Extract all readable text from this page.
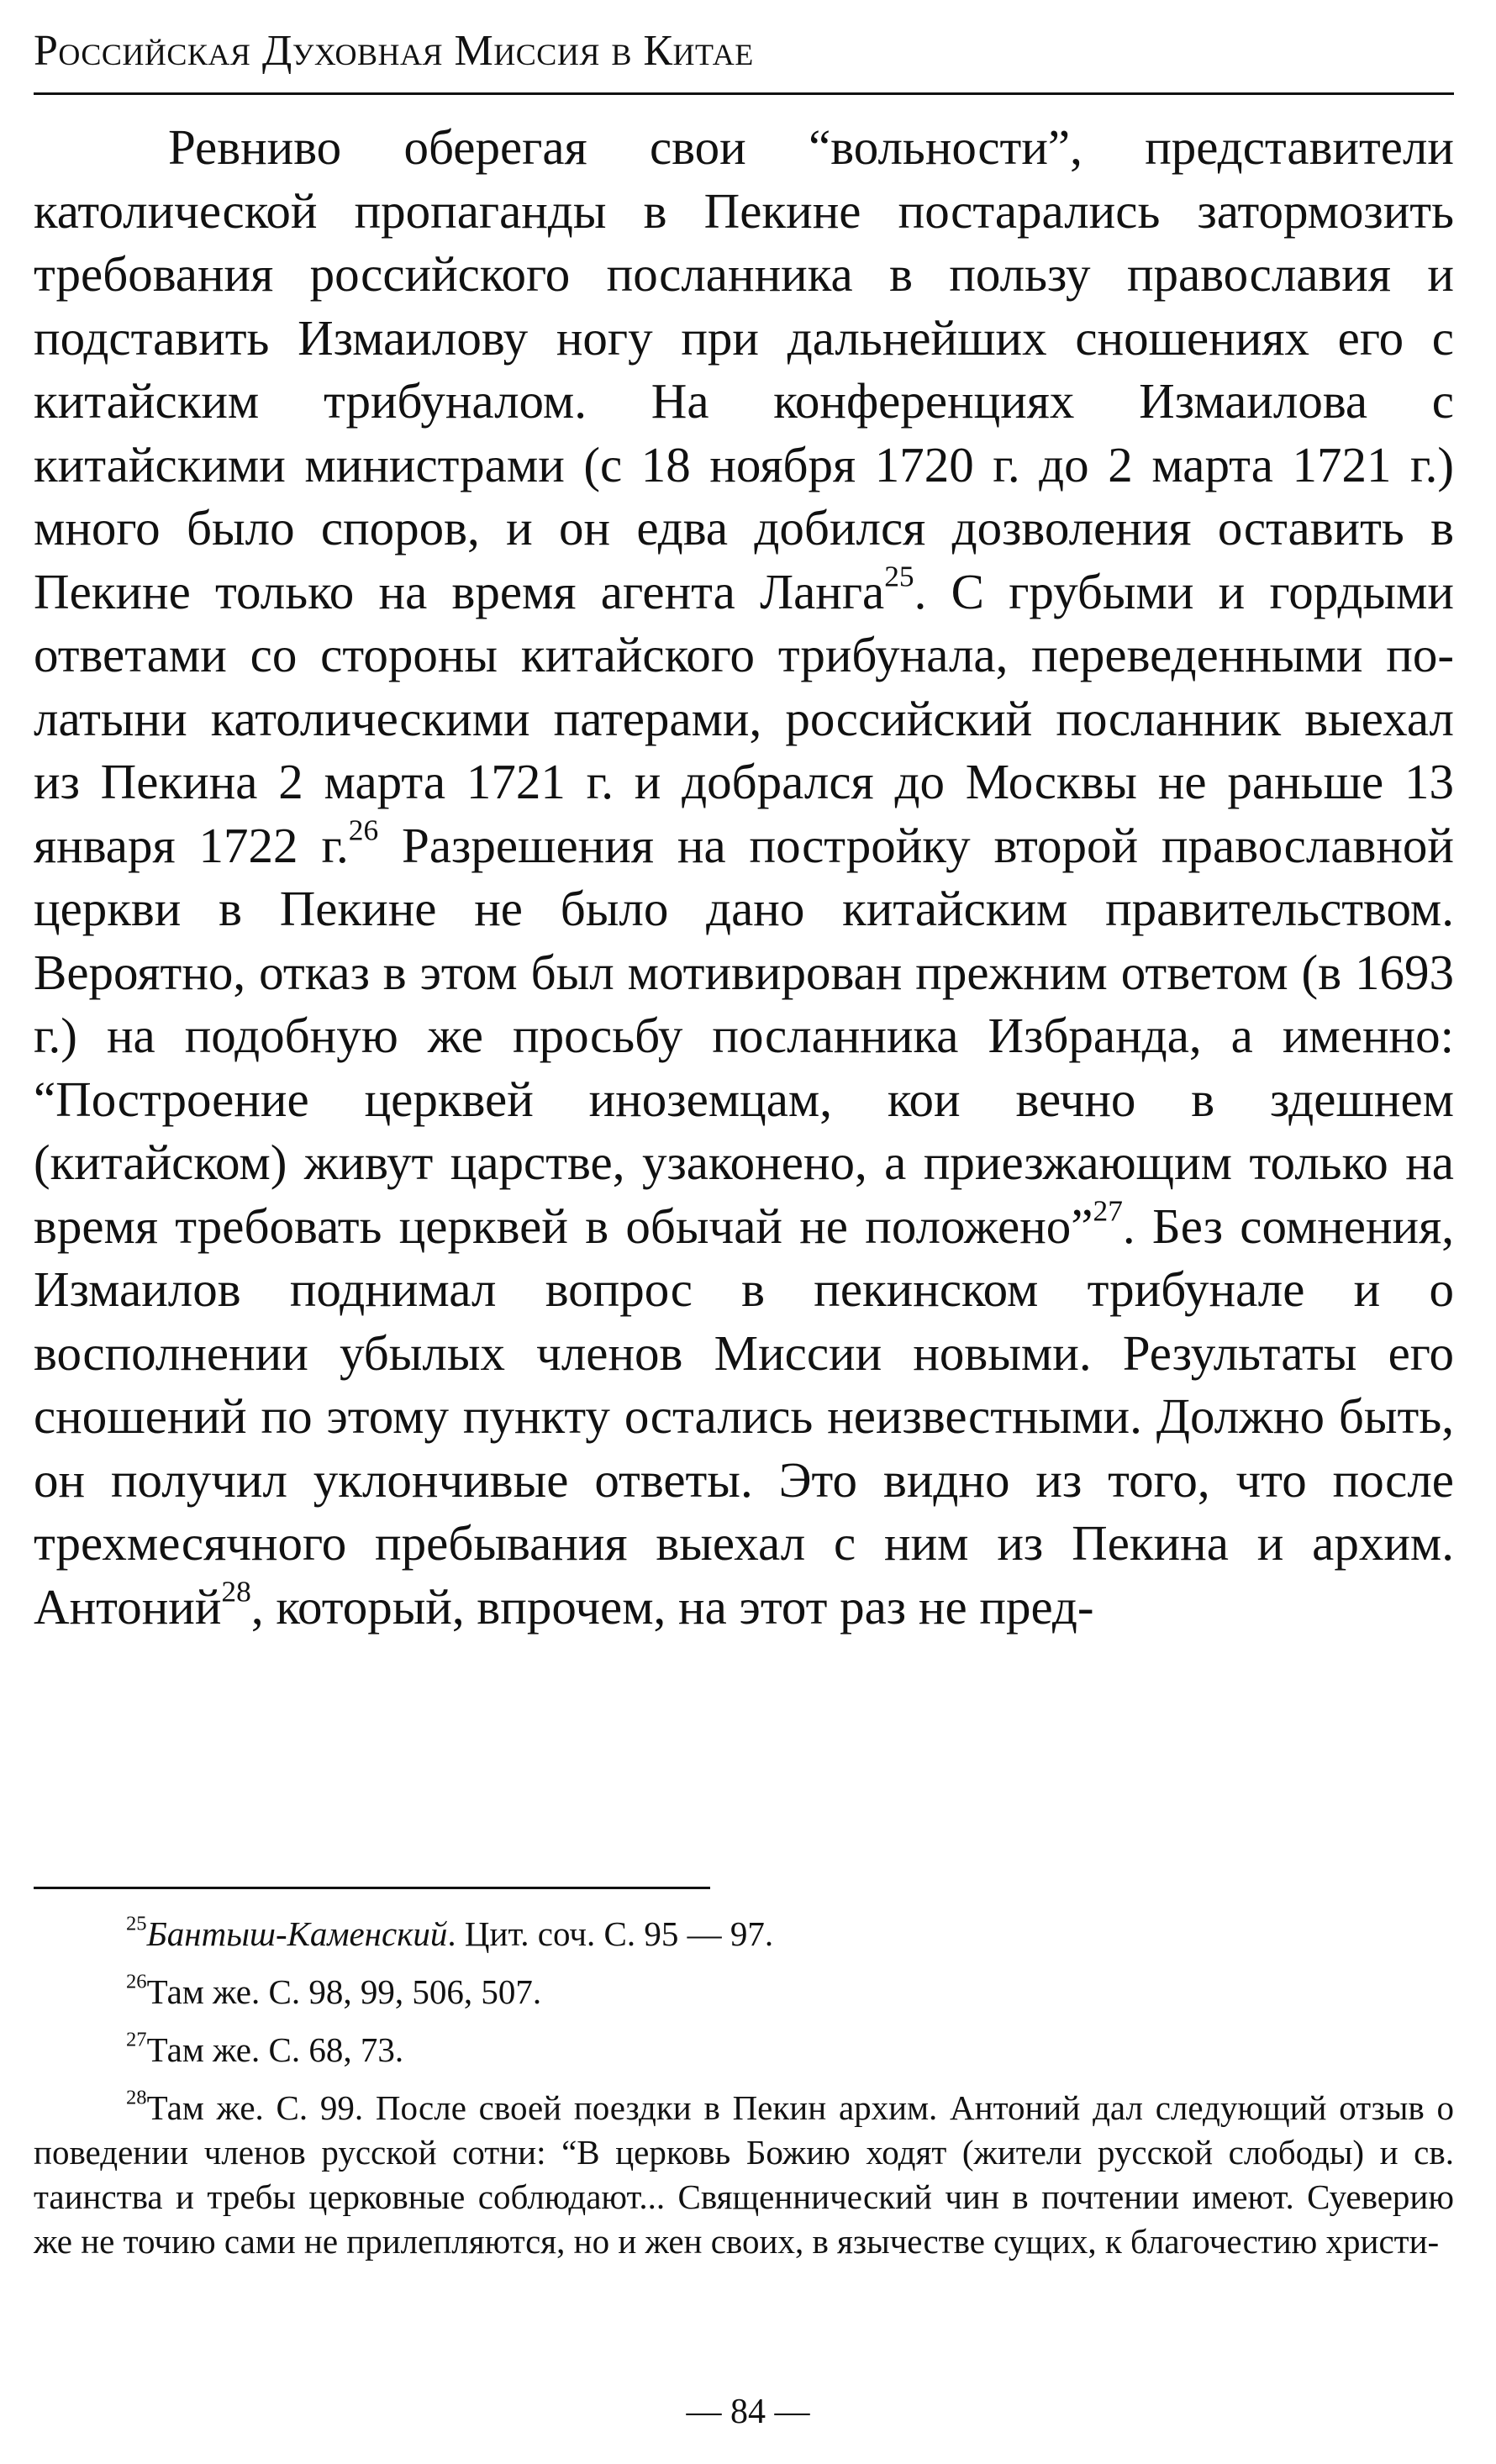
Российская Духовная Миссия в Китае

Ревниво оберегая свои “вольности”, представители католической пропаганды в Пекине постарались затормозить требования российского посланника в пользу православия и подставить Измаилову ногу при дальнейших сношениях его с китайским трибуналом. На конференциях Измаилова с китайскими министрами (с 18 ноября 1720 г. до 2 марта 1721 г.) много было споров, и он едва добился дозволения оставить в Пекине только на время агента Ланга$^{25}$. С грубыми и гордыми ответами со стороны китайского трибунала, переведенными по-латыни католическими патерами, российский посланник выехал из Пекина 2 марта 1721 г. и добрался до Москвы не раньше 13 января 1722 г.$^{26}$ Разрешения на постройку второй православной церкви в Пекине не было дано китайским правительством. Вероятно, отказ в этом был мотивирован прежним ответом (в 1693 г.) на подобную же просьбу посланника Избранда, а именно: “Построение церквей иноземцам, кои вечно в здешнем (китайском) живут царстве, узаконено, а приезжающим только на время требовать церквей в обычай не положено”$^{27}$. Без сомнения, Измаилов поднимал вопрос в пекинском трибунале и о восполнении убылых членов Миссии новыми. Результаты его сношений по этому пункту остались неизвестными. Должно быть, он получил уклончивые ответы. Это видно из того, что после трехмесячного пребывания выехал с ним из Пекина и архим. Антоний$^{28}$, который, впрочем, на этот раз не пред-

$^{25}$Бантыш-Каменский. Цит. соч. С. 95 — 97.

$^{26}$Там же. С. 98, 99, 506, 507.

$^{27}$Там же. С. 68, 73.

$^{28}$Там же. С. 99. После своей поездки в Пекин архим. Антоний дал следующий отзыв о поведении членов русской сотни: “В церковь Божию ходят (жители русской слободы) и св. таинства и требы церковные соблюдают... Священнический чин в почтении имеют. Суеверию же не точию сами не прилепляются, но и жен своих, в язычестве сущих, к благочестию христи-

— 84 —
